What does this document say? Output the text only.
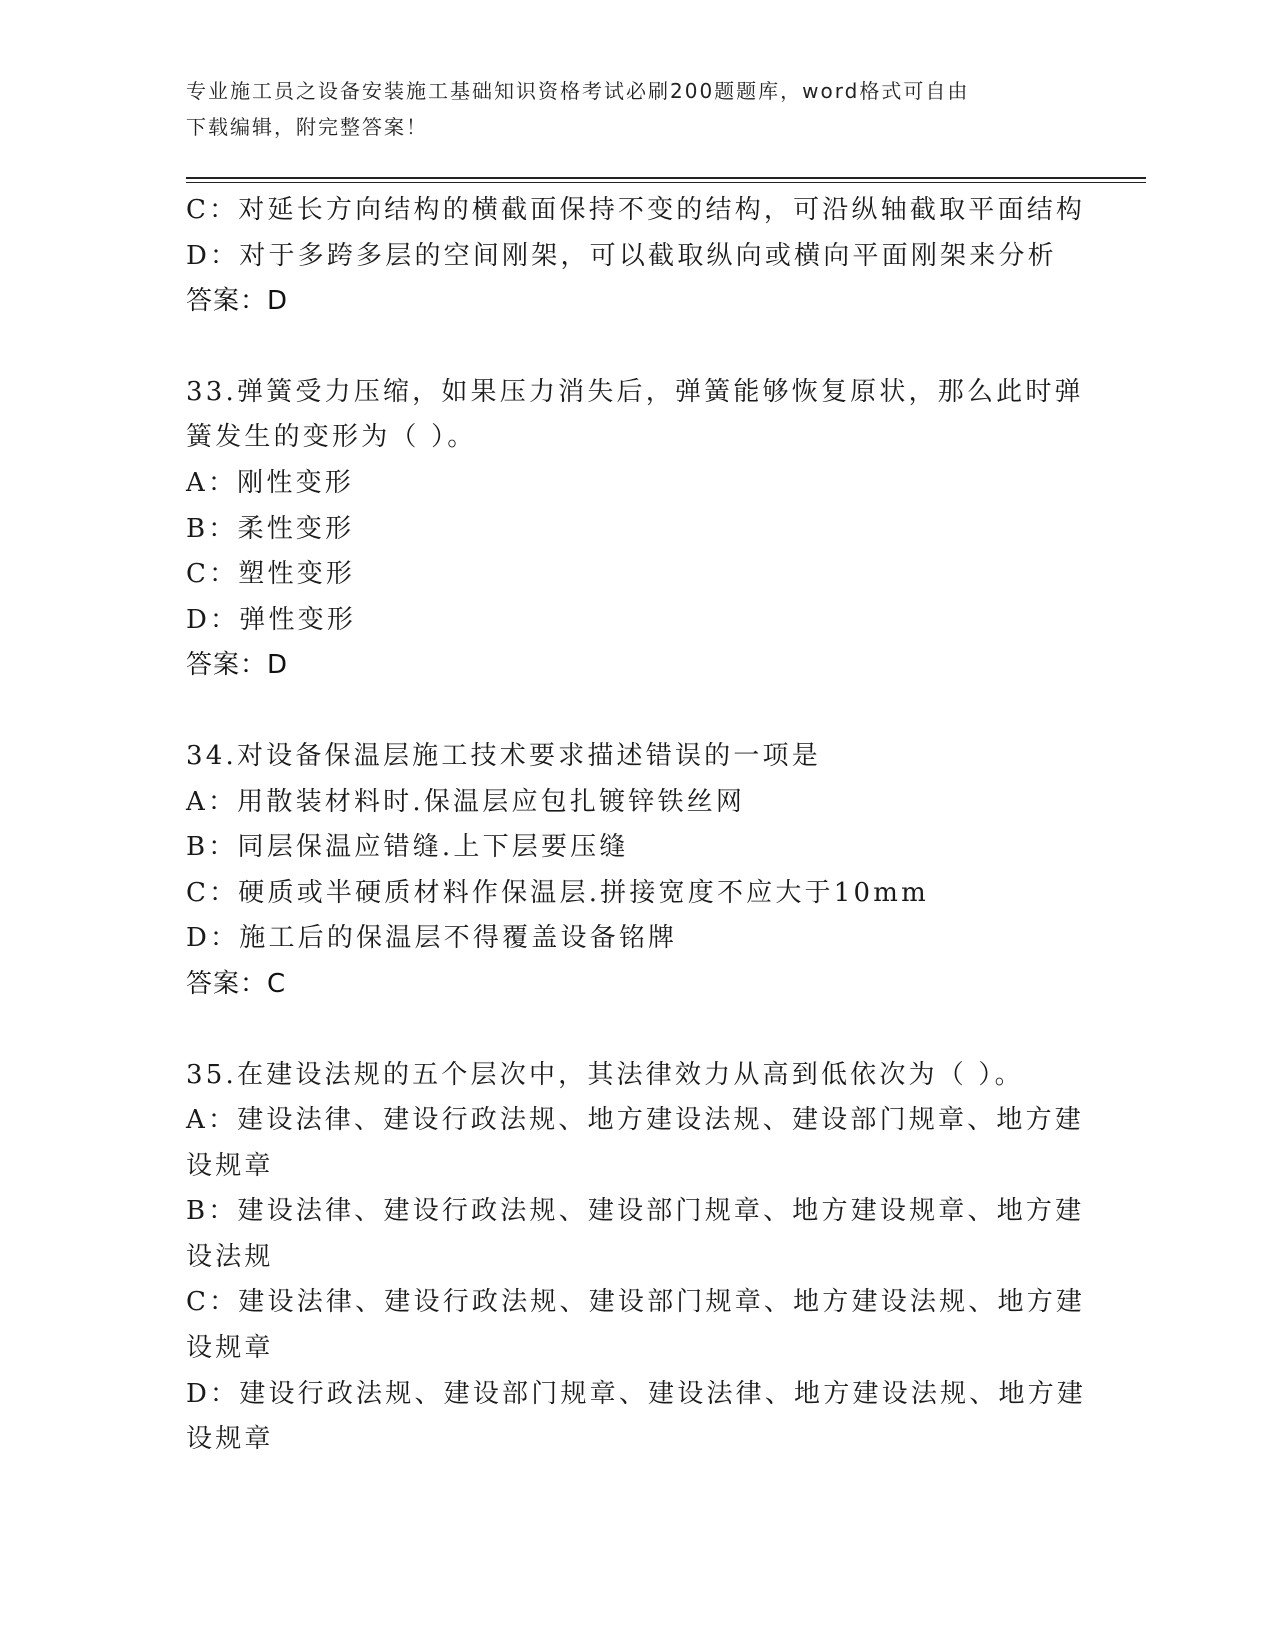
专业施工员之设备安装施工基础知识资格考试必刷200题题库，word格式可自由
下载编辑，附完整答案！

C：对延长方向结构的横截面保持不变的结构，可沿纵轴截取平面结构

D：对于多跨多层的空间刚架，可以截取纵向或横向平面刚架来分析

答案：D

33.弹簧受力压缩，如果压力消失后，弹簧能够恢复原状，那么此时弹

簧发生的变形为（ ）。

A：刚性变形

B：柔性变形

C：塑性变形

D：弹性变形

答案：D

34.对设备保温层施工技术要求描述错误的一项是

A：用散装材料时.保温层应包扎镀锌铁丝网

B：同层保温应错缝.上下层要压缝

C：硬质或半硬质材料作保温层.拼接宽度不应大于10mm

D：施工后的保温层不得覆盖设备铭牌

答案：C

35.在建设法规的五个层次中，其法律效力从高到低依次为（ ）。

A：建设法律、建设行政法规、地方建设法规、建设部门规章、地方建

设规章

B：建设法律、建设行政法规、建设部门规章、地方建设规章、地方建

设法规

C：建设法律、建设行政法规、建设部门规章、地方建设法规、地方建

设规章

D：建设行政法规、建设部门规章、建设法律、地方建设法规、地方建

设规章
